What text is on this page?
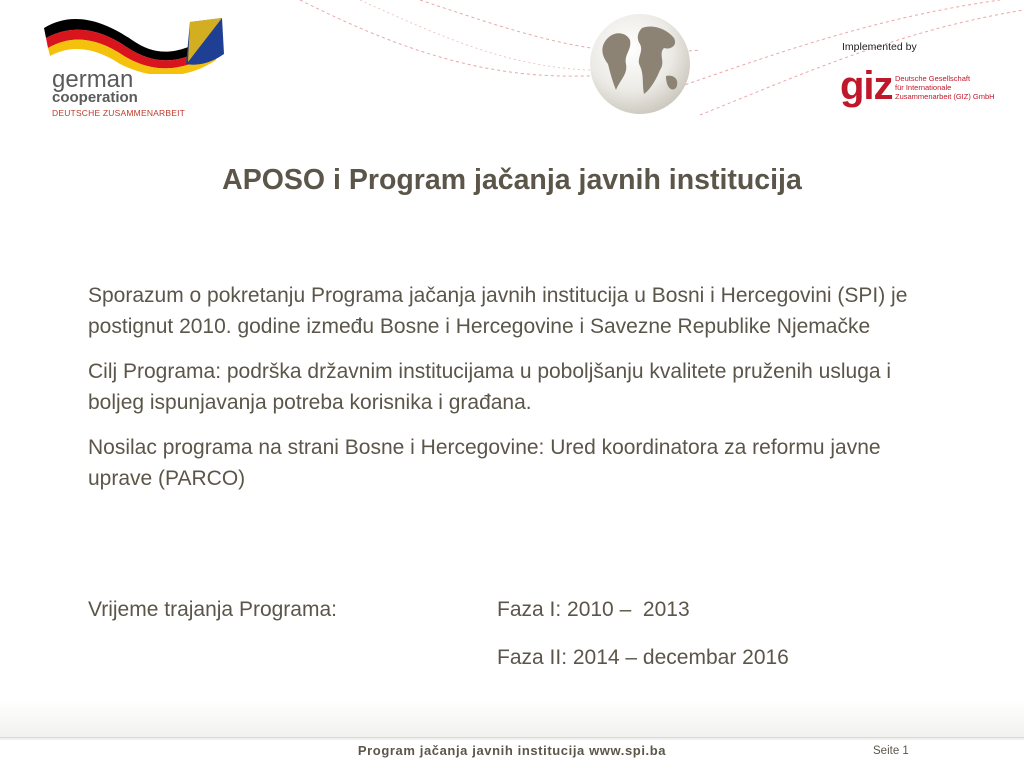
german
cooperation
DEUTSCHE ZUSAMMENARBEIT
Implemented by
giz Deutsche Gesellschaft
für Internationale
Zusammenarbeit (GIZ) GmbH
APOSO i Program jačanja javnih institucija

Sporazum o pokretanju Programa jačanja javnih institucija u Bosni i Hercegovini (SPI) je postignut 2010. godine između Bosne i Hercegovine i Savezne Republike Njemačke

Cilj Programa: podrška državnim institucijama u poboljšanju kvalitete pruženih usluga i boljeg ispunjavanja potreba korisnika i građana.

Nosilac programa na strani Bosne i Hercegovine: Ured koordinatora za reformu javne uprave (PARCO)

Vrijeme trajanja Programa:	Faza I: 2010 –  2013
Faza II: 2014 – decembar 2016
Program jačanja javnih institucija www.spi.ba	Seite 1
